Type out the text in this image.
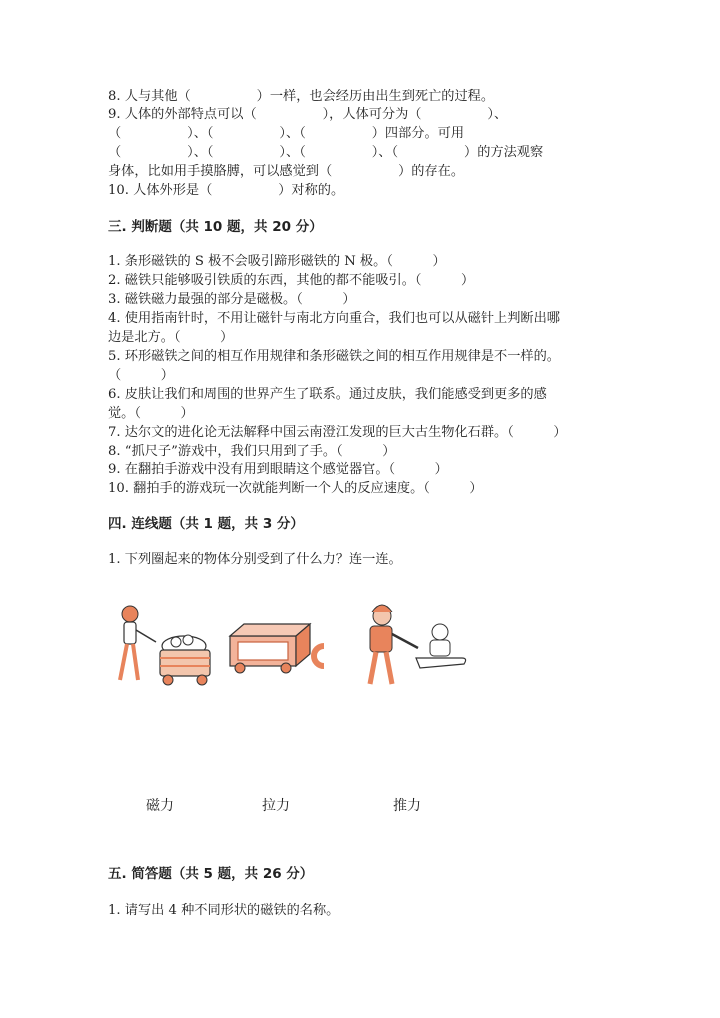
8. 人与其他（　　　　　）一样，也会经历由出生到死亡的过程。
9. 人体的外部特点可以（　　　　　），人体可分为（　　　　　）、
（　　　　　）、（　　　　　）、（　　　　　）四部分。可用
（　　　　　）、（　　　　　）、（　　　　　）、（　　　　　）的方法观察
身体，比如用手摸胳膊，可以感觉到（　　　　　）的存在。
10. 人体外形是（　　　　　）对称的。
三. 判断题（共 10 题，共 20 分）
1. 条形磁铁的 S 极不会吸引蹄形磁铁的 N 极。（　　　）
2. 磁铁只能够吸引铁质的东西，其他的都不能吸引。（　　　）
3. 磁铁磁力最强的部分是磁极。（　　　）
4. 使用指南针时，不用让磁针与南北方向重合，我们也可以从磁针上判断出哪
边是北方。（　　　）
5. 环形磁铁之间的相互作用规律和条形磁铁之间的相互作用规律是不一样的。
（　　　）
6. 皮肤让我们和周围的世界产生了联系。通过皮肤，我们能感受到更多的感
觉。（　　　）
7. 达尔文的进化论无法解释中国云南澄江发现的巨大古生物化石群。（　　　）
8. “抓尺子”游戏中，我们只用到了手。（　　　）
9. 在翻拍手游戏中没有用到眼睛这个感觉器官。（　　　）
10. 翻拍手的游戏玩一次就能判断一个人的反应速度。（　　　）
四. 连线题（共 1 题，共 3 分）
1. 下列圈起来的物体分别受到了什么力？连一连。
磁力	拉力	推力
五. 简答题（共 5 题，共 26 分）
1. 请写出 4 种不同形状的磁铁的名称。
